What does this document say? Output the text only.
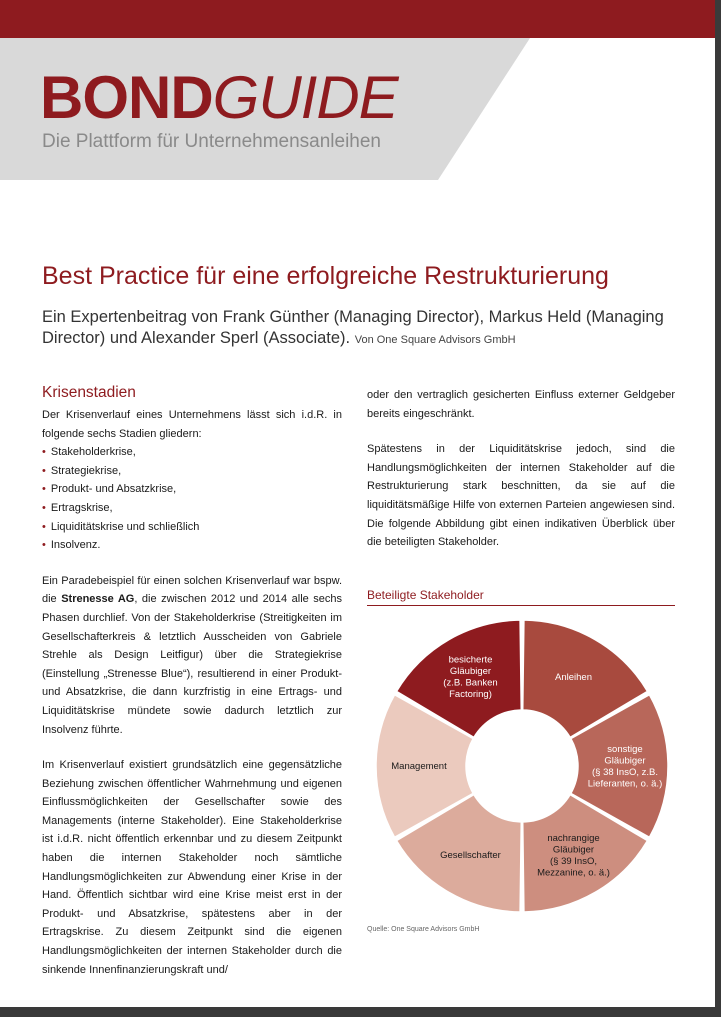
BONDGUIDE
Die Plattform für Unternehmensanleihen
Best Practice für eine erfolgreiche Restrukturierung
Ein Expertenbeitrag von Frank Günther (Managing Director), Markus Held (Managing Director) und Alexander Sperl (Associate). Von One Square Advisors GmbH
Krisenstadien

Der Krisenverlauf eines Unternehmens lässt sich i.d.R. in folgende sechs Stadien gliedern:

• Stakeholderkrise,
• Strategiekrise,
• Produkt- und Absatzkrise,
• Ertragskrise,
• Liquiditätskrise und schließlich
• Insolvenz.

Ein Paradebeispiel für einen solchen Krisenverlauf war bspw. die Strenesse AG, die zwischen 2012 und 2014 alle sechs Phasen durchlief. Von der Stakeholderkrise (Streitigkeiten im Gesellschafterkreis & letztlich Ausscheiden von Gabriele Strehle als Design Leitfigur) über die Strategiekrise (Einstellung „Strenesse Blue“), resultierend in einer Produkt- und Absatzkrise, die dann kurzfristig in eine Ertrags- und Liquiditätskrise mündete sowie dadurch letztlich zur Insolvenz führte.

Im Krisenverlauf existiert grundsätzlich eine gegensätzliche Beziehung zwischen öffentlicher Wahrnehmung und eigenen Einflussmöglichkeiten der Gesellschafter sowie des Managements (interne Stakeholder). Eine Stakeholderkrise ist i.d.R. nicht öffentlich erkennbar und zu diesem Zeitpunkt haben die internen Stakeholder noch sämtliche Handlungsmöglichkeiten zur Abwendung einer Krise in der Hand. Öffentlich sichtbar wird eine Krise meist erst in der Produkt- und Absatzkrise, spätestens aber in der Ertragskrise. Zu diesem Zeitpunkt sind die eigenen Handlungsmöglichkeiten der internen Stakeholder durch die sinkende Innenfinanzierungskraft und/

oder den vertraglich gesicherten Einfluss externer Geldgeber bereits eingeschränkt.

Spätestens in der Liquiditätskrise jedoch, sind die Handlungsmöglichkeiten der internen Stakeholder auf die Restrukturierung stark beschnitten, da sie auf die liquiditätsmäßige Hilfe von externen Parteien angewiesen sind. Die folgende Abbildung gibt einen indikativen Überblick über die beteiligten Stakeholder.

Beteiligte Stakeholder
besicherte Gläubiger (z.B. Banken Factoring)
Anleihen
sonstige Gläubiger (§ 38 InsO, z.B. Lieferanten, o. ä.)
nachrangige Gläubiger (§ 39 InsO, Mezzanine, o. ä.)
Gesellschafter
Management
Quelle: One Square Advisors GmbH
